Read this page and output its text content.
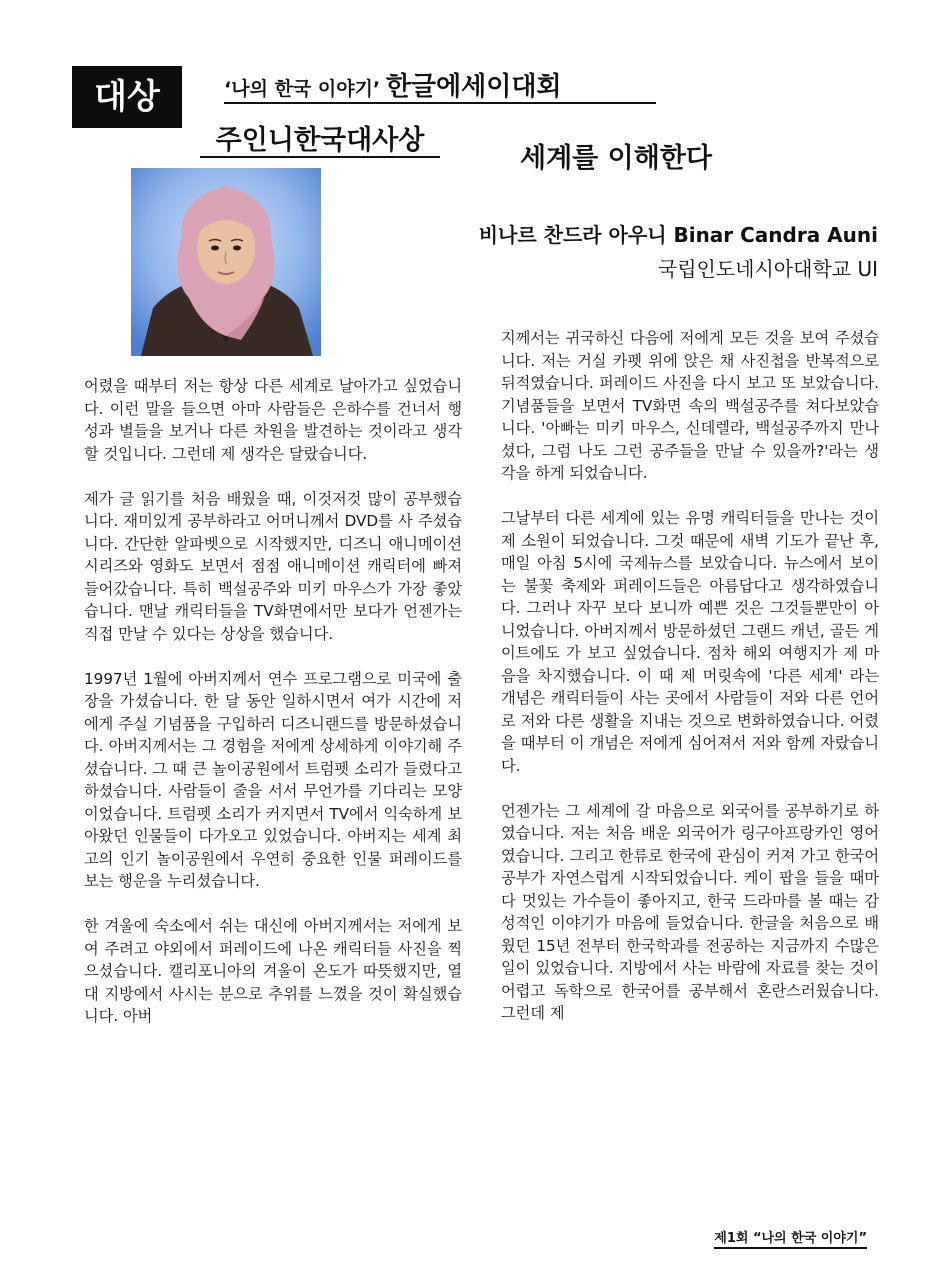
대상	‘나의 한국 이야기’ 한글에세이대회
주인니한국대사상
세계를 이해한다
비나르 찬드라 아우니 Binar Candra Auni
국립인도네시아대학교 UI

어렸을 때부터 저는 항상 다른 세계로 날아가고 싶었습니다. 이런 말을 들으면 아마 사람들은 은하수를 건너서 행성과 별들을 보거나 다른 차원을 발견하는 것이라고 생각할 것입니다. 그런데 제 생각은 달랐습니다.

제가 글 읽기를 처음 배웠을 때, 이것저것 많이 공부했습니다. 재미있게 공부하라고 어머니께서 DVD를 사 주셨습니다. 간단한 알파벳으로 시작했지만, 디즈니 애니메이션 시리즈와 영화도 보면서 점점 애니메이션 캐릭터에 빠져 들어갔습니다. 특히 백설공주와 미키 마우스가 가장 좋았습니다. 맨날 캐릭터들을 TV화면에서만 보다가 언젠가는 직접 만날 수 있다는 상상을 했습니다.

1997년 1월에 아버지께서 연수 프로그램으로 미국에 출장을 가셨습니다. 한 달 동안 일하시면서 여가 시간에 저에게 주실 기념품을 구입하러 디즈니랜드를 방문하셨습니다. 아버지께서는 그 경험을 저에게 상세하게 이야기해 주셨습니다. 그 때 큰 놀이공원에서 트럼펫 소리가 들렸다고 하셨습니다. 사람들이 줄을 서서 무언가를 기다리는 모양이었습니다. 트럼펫 소리가 커지면서 TV에서 익숙하게 보아왔던 인물들이 다가오고 있었습니다. 아버지는 세계 최고의 인기 놀이공원에서 우연히 중요한 인물 퍼레이드를 보는 행운을 누리셨습니다.

한 겨울에 숙소에서 쉬는 대신에 아버지께서는 저에게 보여 주려고 야외에서 퍼레이드에 나온 캐릭터들 사진을 찍으셨습니다. 캘리포니아의 겨울이 온도가 따뜻했지만, 열대 지방에서 사시는 분으로 추위를 느꼈을 것이 확실했습니다. 아버

지께서는 귀국하신 다음에 저에게 모든 것을 보여 주셨습니다. 저는 거실 카펫 위에 앉은 채 사진첩을 반복적으로 뒤적였습니다. 퍼레이드 사진을 다시 보고 또 보았습니다. 기념품들을 보면서 TV화면 속의 백설공주를 쳐다보았습니다. '아빠는 미키 마우스, 신데렐라, 백설공주까지 만나셨다, 그럼 나도 그런 공주들을 만날 수 있을까?'라는 생각을 하게 되었습니다.

그날부터 다른 세계에 있는 유명 캐릭터들을 만나는 것이 제 소원이 되었습니다. 그것 때문에 새벽 기도가 끝난 후, 매일 아침 5시에 국제뉴스를 보았습니다. 뉴스에서 보이는 불꽃 축제와 퍼레이드들은 아름답다고 생각하였습니다. 그러나 자꾸 보다 보니까 예쁜 것은 그것들뿐만이 아니었습니다. 아버지께서 방문하셨던 그랜드 캐년, 골든 게이트에도 가 보고 싶었습니다. 점차 해외 여행지가 제 마음을 차지했습니다. 이 때 제 머릿속에 '다른 세계' 라는 개념은 캐릭터들이 사는 곳에서 사람들이 저와 다른 언어로 저와 다른 생활을 지내는 것으로 변화하였습니다. 어렸을 때부터 이 개념은 저에게 심어져서 저와 함께 자랐습니다.

언젠가는 그 세계에 갈 마음으로 외국어를 공부하기로 하였습니다. 저는 처음 배운 외국어가 링구아프랑카인 영어였습니다. 그리고 한류로 한국에 관심이 커져 가고 한국어 공부가 자연스럽게 시작되었습니다. 케이 팝을 들을 때마다 멋있는 가수들이 좋아지고, 한국 드라마를 볼 때는 감성적인 이야기가 마음에 들었습니다. 한글을 처음으로 배웠던 15년 전부터 한국학과를 전공하는 지금까지 수많은 일이 있었습니다. 지방에서 사는 바람에 자료를 찾는 것이 어렵고 독학으로 한국어를 공부해서 혼란스러웠습니다. 그런데 제

제1회 “나의 한국 이야기”
